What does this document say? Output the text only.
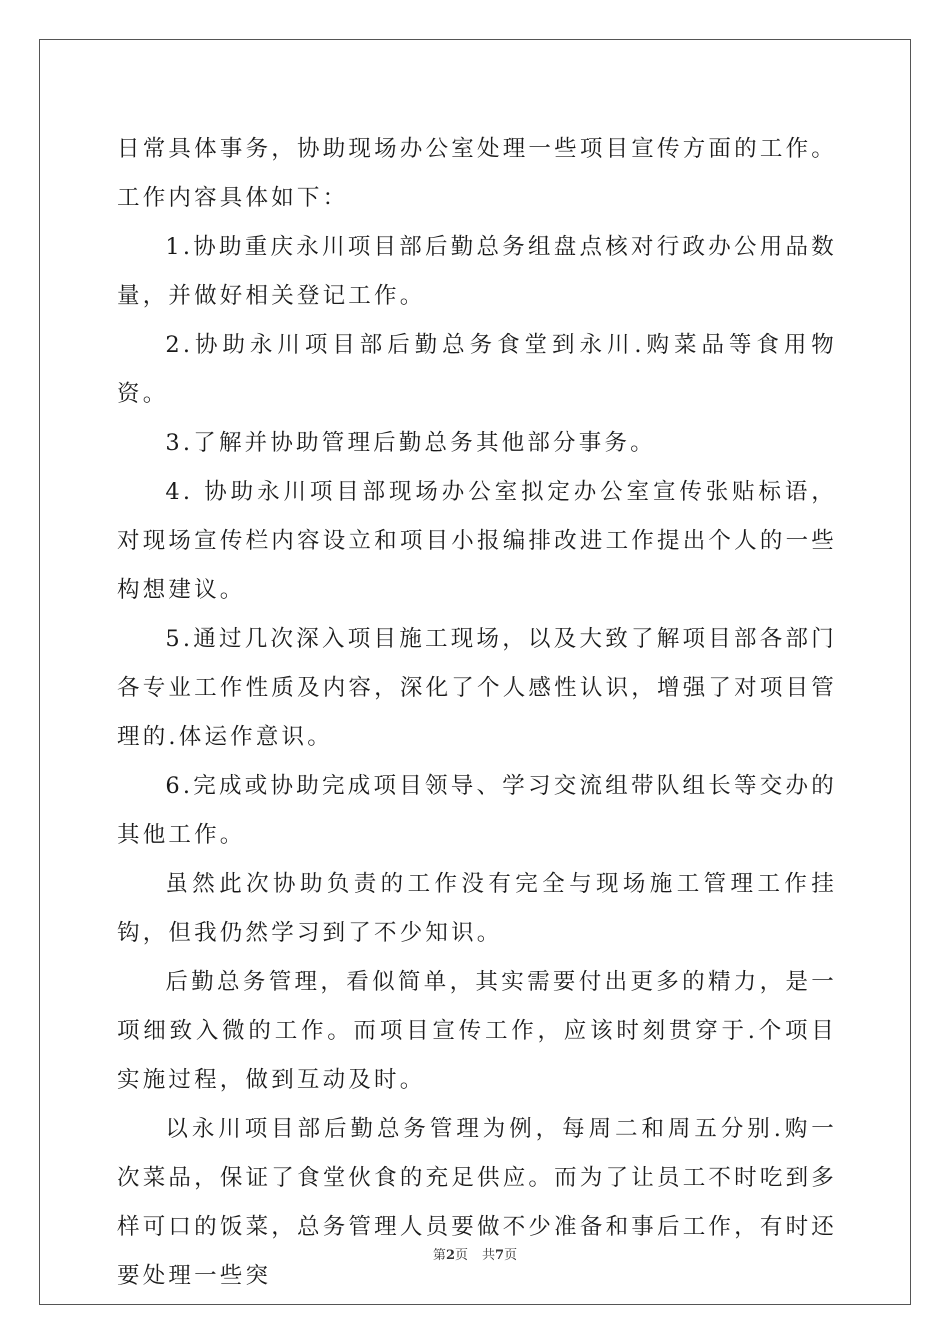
日常具体事务，协助现场办公室处理一些项目宣传方面的工作。工作内容具体如下：

1.协助重庆永川项目部后勤总务组盘点核对行政办公用品数量，并做好相关登记工作。

2.协助永川项目部后勤总务食堂到永川.购菜品等食用物资。

3.了解并协助管理后勤总务其他部分事务。

4. 协助永川项目部现场办公室拟定办公室宣传张贴标语，对现场宣传栏内容设立和项目小报编排改进工作提出个人的一些构想建议。

5.通过几次深入项目施工现场，以及大致了解项目部各部门各专业工作性质及内容，深化了个人感性认识，增强了对项目管理的.体运作意识。

6.完成或协助完成项目领导、学习交流组带队组长等交办的其他工作。

虽然此次协助负责的工作没有完全与现场施工管理工作挂钩，但我仍然学习到了不少知识。

后勤总务管理，看似简单，其实需要付出更多的精力，是一项细致入微的工作。而项目宣传工作，应该时刻贯穿于.个项目实施过程，做到互动及时。

以永川项目部后勤总务管理为例，每周二和周五分别.购一次菜品，保证了食堂伙食的充足供应。而为了让员工不时吃到多样可口的饭菜，总务管理人员要做不少准备和事后工作，有时还要处理一些突

第2页 共7页
